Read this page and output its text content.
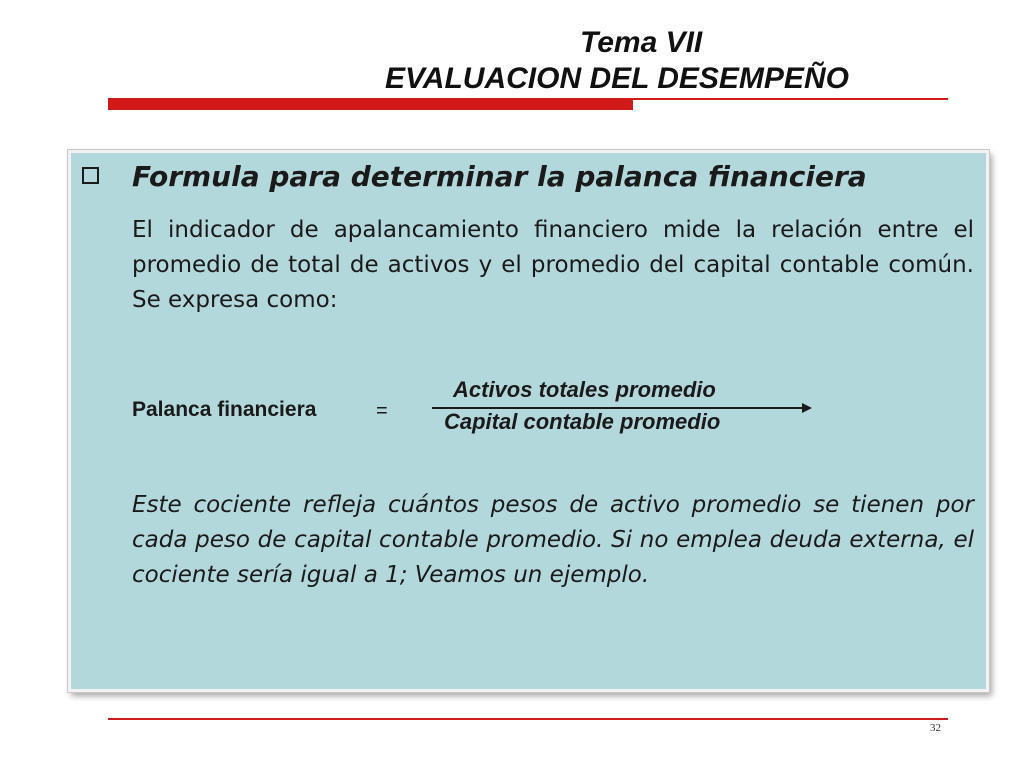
Tema VII
EVALUACION DEL DESEMPEÑO
Formula para determinar la palanca financiera
El indicador de apalancamiento financiero mide la relación entre el promedio de total de activos y el promedio del capital contable común. Se expresa como:
Palanca financiera	=
Activos totales promedio
Capital contable promedio
Este cociente refleja cuántos pesos de activo promedio se tienen por cada peso de capital contable promedio. Si no emplea deuda externa, el cociente sería igual a 1; Veamos un ejemplo.
32
